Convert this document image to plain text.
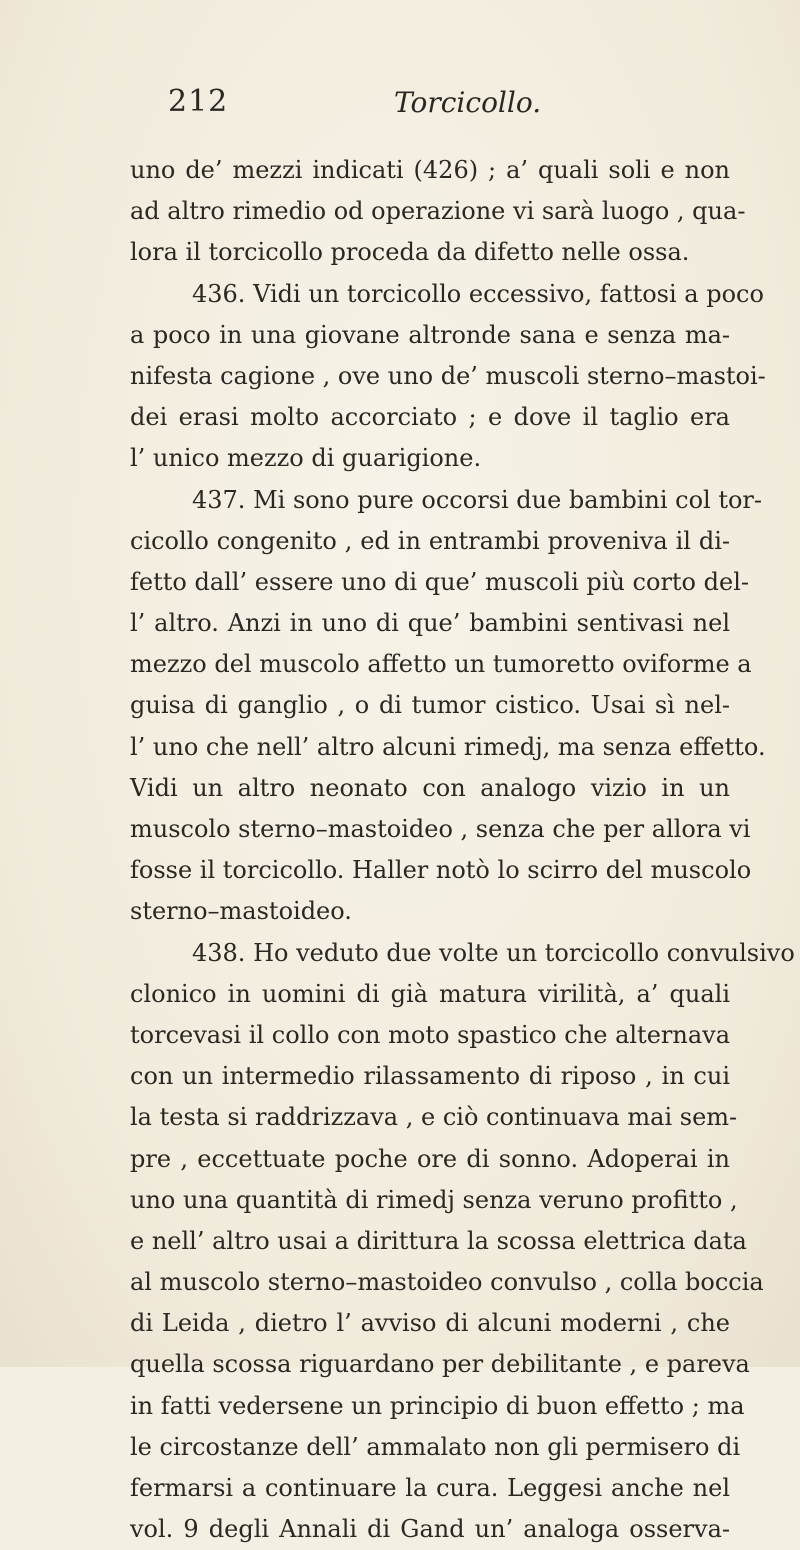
212	Torcicollo.
uno de’ mezzi indicati (426) ; a’ quali soli e non
ad altro rimedio od operazione vi sarà luogo , qua-
lora il torcicollo proceda da difetto nelle ossa.
436. Vidi un torcicollo eccessivo, fattosi a poco
a poco in una giovane altronde sana e senza ma-
nifesta cagione , ove uno de’ muscoli sterno–mastoi-
dei erasi molto accorciato ; e dove il taglio era
l’ unico mezzo di guarigione.
437. Mi sono pure occorsi due bambini col tor-
cicollo congenito , ed in entrambi proveniva il di-
fetto dall’ essere uno di que’ muscoli più corto del-
l’ altro. Anzi in uno di que’ bambini sentivasi nel
mezzo del muscolo affetto un tumoretto oviforme a
guisa di ganglio , o di tumor cistico. Usai sì nel-
l’ uno che nell’ altro alcuni rimedj, ma senza effetto.
Vidi un altro neonato con analogo vizio in un
muscolo sterno–mastoideo , senza che per allora vi
fosse il torcicollo. Haller notò lo scirro del muscolo
sterno–mastoideo.
438. Ho veduto due volte un torcicollo convulsivo
clonico in uomini di già matura virilità, a’ quali
torcevasi il collo con moto spastico che alternava
con un intermedio rilassamento di riposo , in cui
la testa si raddrizzava , e ciò continuava mai sem-
pre , eccettuate poche ore di sonno. Adoperai in
uno una quantità di rimedj senza veruno profitto ,
e nell’ altro usai a dirittura la scossa elettrica data
al muscolo sterno–mastoideo convulso , colla boccia
di Leida , dietro l’ avviso di alcuni moderni , che
quella scossa riguardano per debilitante , e pareva
in fatti vedersene un principio di buon effetto ; ma
le circostanze dell’ ammalato non gli permisero di
fermarsi a continuare la cura. Leggesi anche nel
vol. 9 degli Annali di Gand un’ analoga osserva-
